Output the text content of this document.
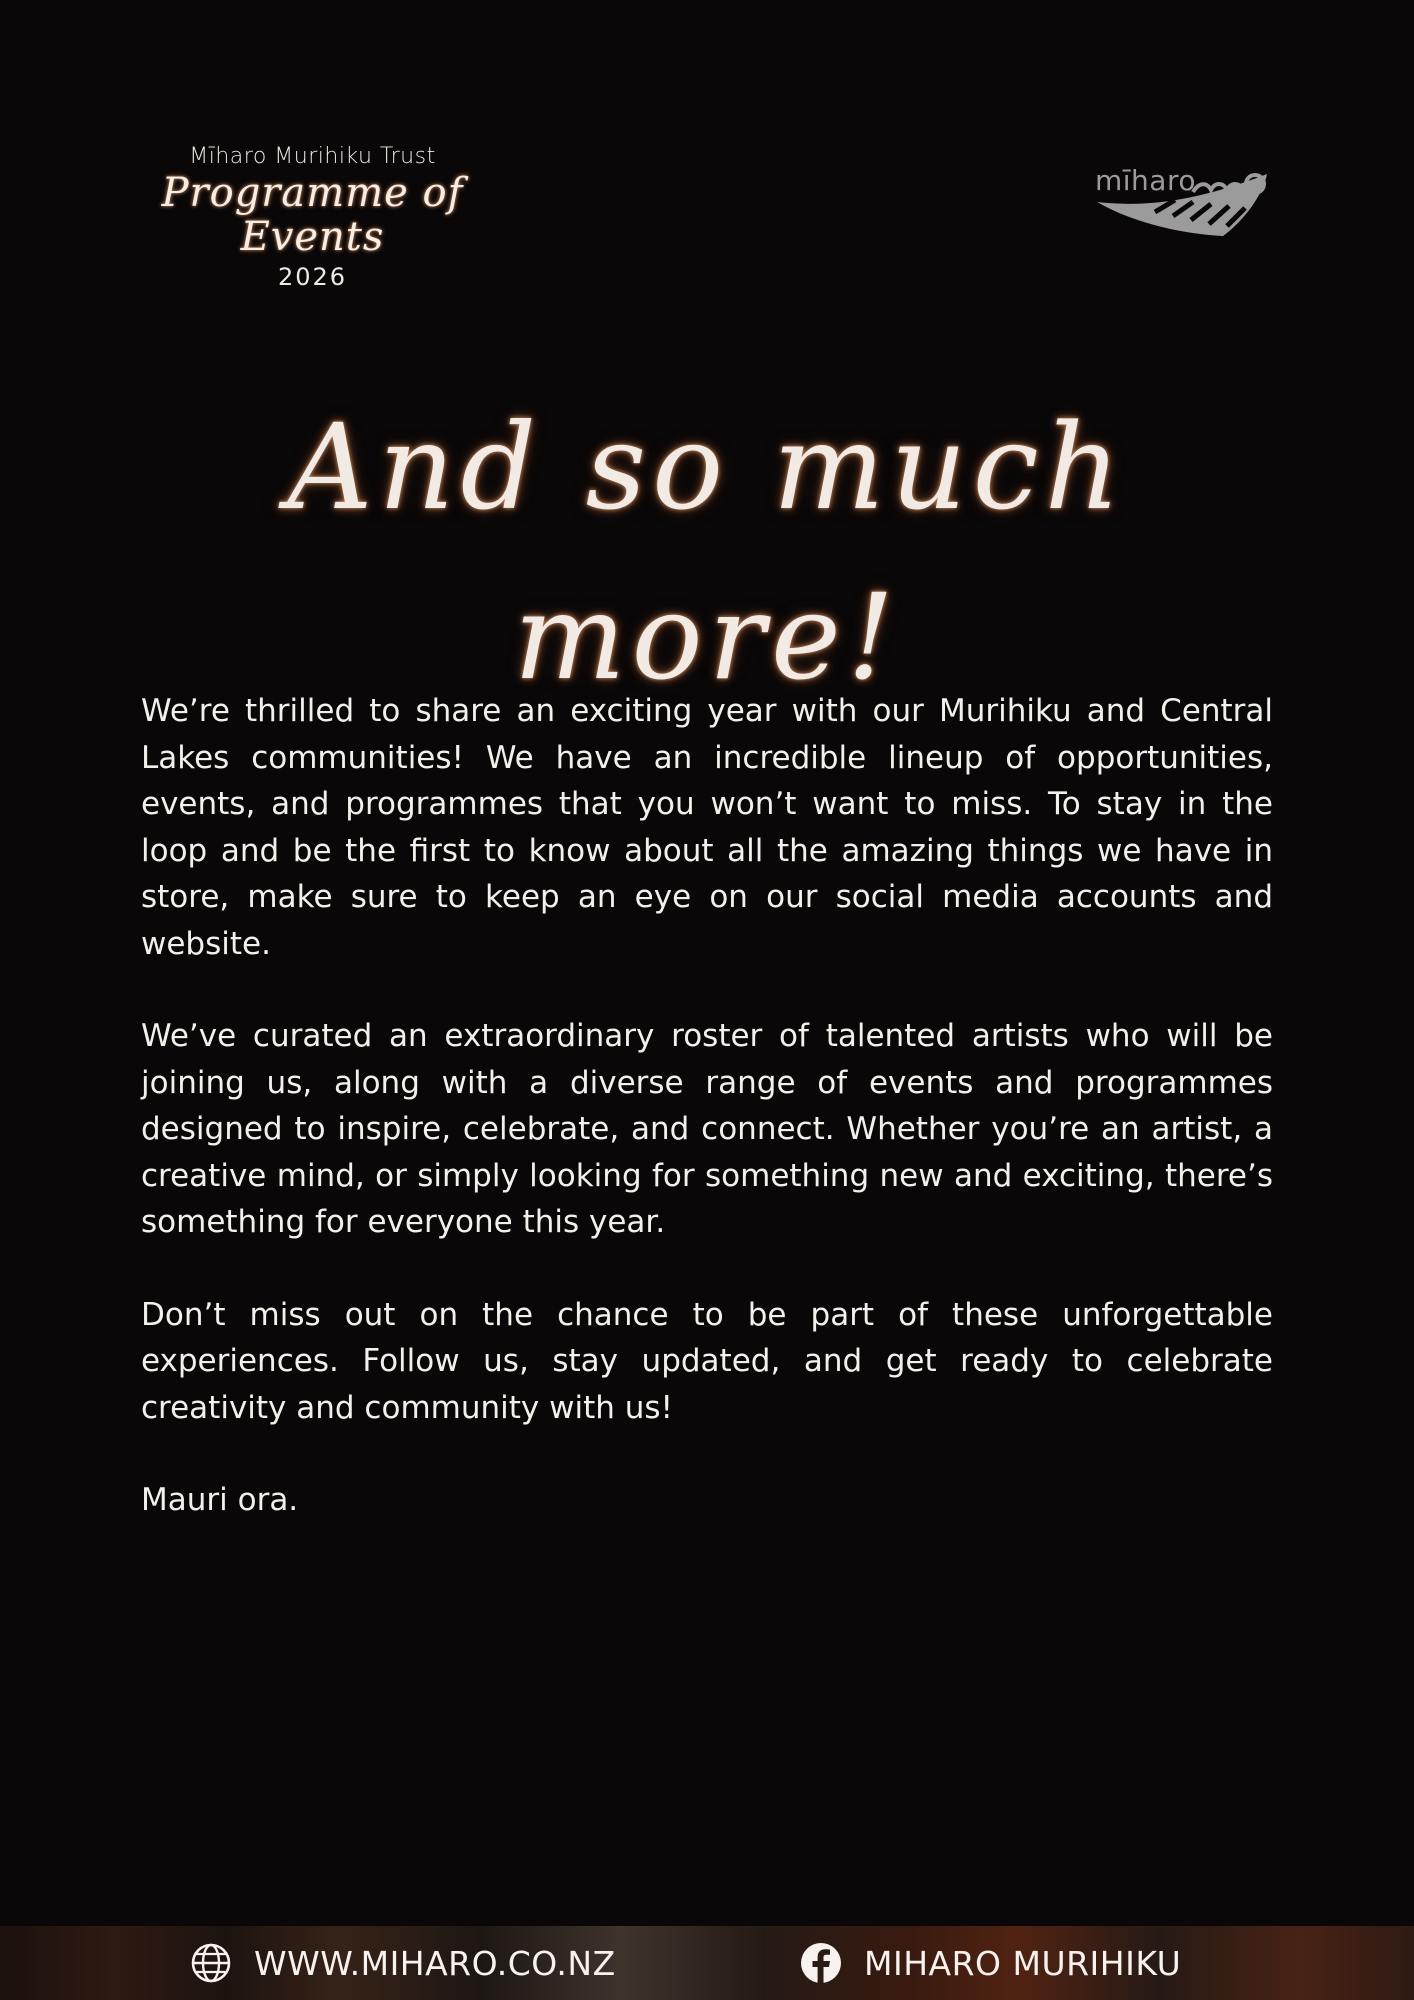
Mīharo Murihiku Trust
Programme of Events
2026
mīharo
And so much more!

We’re thrilled to share an exciting year with our Murihiku and Central Lakes communities! We have an incredible lineup of opportunities, events, and programmes that you won’t want to miss. To stay in the loop and be the first to know about all the amazing things we have in store, make sure to keep an eye on our social media accounts and website.

We’ve curated an extraordinary roster of talented artists who will be joining us, along with a diverse range of events and programmes designed to inspire, celebrate, and connect. Whether you’re an artist, a creative mind, or simply looking for something new and exciting, there’s something for everyone this year.

Don’t miss out on the chance to be part of these unforgettable experiences. Follow us, stay updated, and get ready to celebrate creativity and community with us!

Mauri ora.

WWW.MIHARO.CO.NZ	MIHARO MURIHIKU
